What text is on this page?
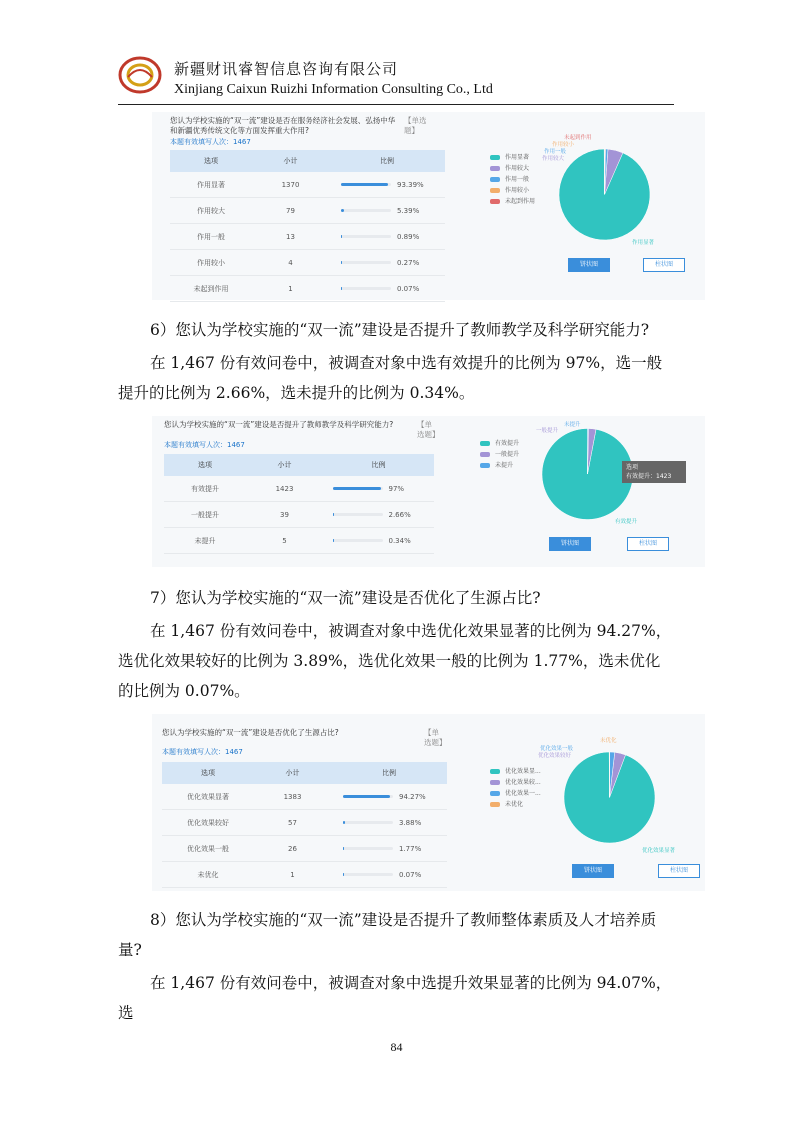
新疆财讯睿智信息咨询有限公司
Xinjiang Caixun Ruizhi Information Consulting Co., Ltd
您认为学校实施的“双一流”建设是否在服务经济社会发展、弘扬中华和新疆优秀传统文化等方面发挥重大作用?
【单选题】
本题有效填写人次：1467
选项	小计	比例
作用显著	1370	93.39%
作用较大	79	5.39%
作用一般	13	0.89%
作用较小	4	0.27%
未起到作用	1	0.07%
作用显著
作用较大
作用一般
作用较小
未起到作用
未起到作用
作用较小
作用一般
作用较大
作用显著
饼状图	柱状图

6）您认为学校实施的“双一流”建设是否提升了教师教学及科学研究能力?

在 1,467 份有效问卷中，被调查对象中选有效提升的比例为 97%，选一般提升的比例为 2.66%，选未提升的比例为 0.34%。

您认为学校实施的“双一流”建设是否提升了教师教学及科学研究能力?	【单选题】
本题有效填写人次：1467
选项	小计	比例
有效提升	1423	97%
一般提升	39	2.66%
未提升	5	0.34%
有效提升
一般提升
未提升
未提升
一般提升
有效提升
选项
有效提升：1423
饼状图	柱状图

7）您认为学校实施的“双一流”建设是否优化了生源占比?

在 1,467 份有效问卷中，被调查对象中选优化效果显著的比例为 94.27%，选优化效果较好的比例为 3.89%，选优化效果一般的比例为 1.77%，选未优化的比例为 0.07%。

您认为学校实施的“双一流”建设是否优化了生源占比?	【单选题】
本题有效填写人次：1467
选项	小计	比例
优化效果显著	1383	94.27%
优化效果较好	57	3.88%
优化效果一般	26	1.77%
未优化	1	0.07%
优化效果显...
优化效果较...
优化效果一...
未优化
未优化
优化效果一般
优化效果较好
优化效果显著
饼状图	柱状图

8）您认为学校实施的“双一流”建设是否提升了教师整体素质及人才培养质量?

在 1,467 份有效问卷中，被调查对象中选提升效果显著的比例为 94.07%，选

84
